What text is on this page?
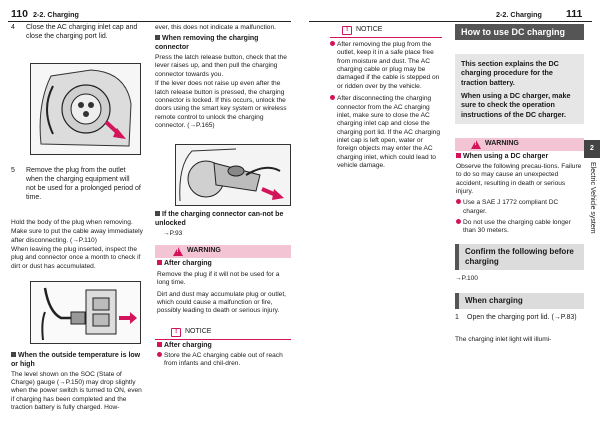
110 2-2. Charging	2-2. Charging 111
4	Close the AC charging inlet cap and close the charging port lid.
5	Remove the plug from the outlet when the charging equipment will not be used for a prolonged period of time.
Hold the body of the plug when removing.
Make sure to put the cable away immediately after disconnecting. (→P.110)
When leaving the plug inserted, inspect the plug and connector once a month to check if dirt or dust has accumulated.
When the outside temperature is low or high
The level shown on the SOC (State of Charge) gauge (→P.150) may drop slightly when the power switch is turned to ON, even if charging has been completed and the traction battery is fully charged. How-
ever, this does not indicate a malfunction.
When removing the charging connector
Press the latch release button, check that the lever raises up, and then pull the charging connector towards you.
If the lever does not raise up even after the latch release button is pressed, the charging connector is locked. If this occurs, unlock the doors using the smart key system or wireless remote control to unlock the charging connector. (→P.165)
If the charging connector can-not be unlocked
→P.93
!
WARNING
After charging
Remove the plug if it will not be used for a long time.
Dirt and dust may accumulate plug or outlet, which could cause a malfunction or fire, possibly leading to death or serious injury.
!
NOTICE
After charging
Store the AC charging cable out of reach from infants and chil-dren.
!
NOTICE
After removing the plug from the outlet, keep it in a safe place free from moisture and dust. The AC charging cable or plug may be damaged if the cable is stepped on or ridden over by the vehicle.
After disconnecting the charging connector from the AC charging inlet, make sure to close the AC charging inlet cap and close the charging port lid. If the AC charging inlet cap is left open, water or foreign objects may enter the AC charging inlet, which could lead to vehicle damage.
How to use DC charging
This section explains the DC charging procedure for the traction battery.
When using a DC charger, make sure to check the operation instructions of the DC charger.
!
WARNING
When using a DC charger
Observe the following precau-tions. Failure to do so may cause an unexpected accident, resulting in death or serious injury.
Use a SAE J 1772 compliant DC charger.
Do not use the charging cable longer than 30 meters.
Confirm the following before charging
→P.100
When charging
1	Open the charging port lid. (→P.83)
The charging inlet light will illumi-
2
Electric Vehicle system
